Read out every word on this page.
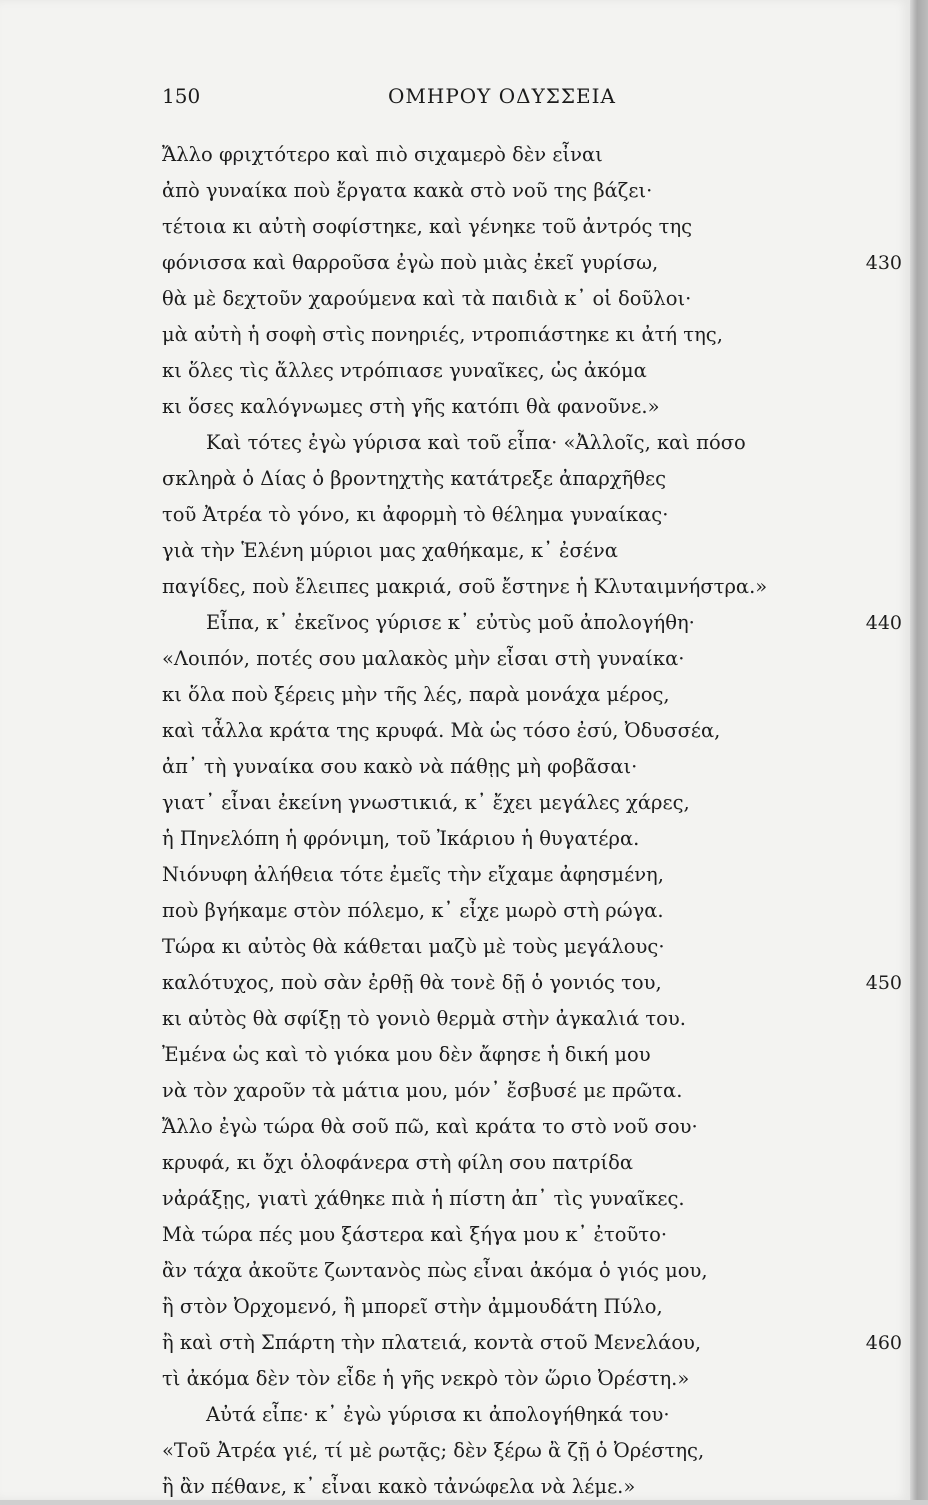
150	ΟΜΗΡΟΥ ΟΔΥΣΣΕΙΑ
Ἄλλο φριχτότερο καὶ πιὸ σιχαμερὸ δὲν εἶναι
ἀπὸ γυναίκα ποὺ ἔργατα κακὰ στὸ νοῦ της βάζει·
τέτοια κι αὐτὴ σοφίστηκε, καὶ γένηκε τοῦ ἀντρός της
φόνισσα καὶ θαρροῦσα ἐγὼ ποὺ μιὰς ἐκεῖ γυρίσω,
θὰ μὲ δεχτοῦν χαρούμενα καὶ τὰ παιδιὰ κ᾿ οἱ δοῦλοι·
μὰ αὐτὴ ἡ σοφὴ στὶς πονηριές, ντροπιάστηκε κι ἀτή της,
κι ὅλες τὶς ἄλλες ντρόπιασε γυναῖκες, ὡς ἀκόμα
κι ὅσες καλόγνωμες στὴ γῆς κατόπι θὰ φανοῦνε.»
Καὶ τότες ἐγὼ γύρισα καὶ τοῦ εἶπα· «Ἀλλοῖς, καὶ πόσο
σκληρὰ ὁ Δίας ὁ βροντηχτὴς κατάτρεξε ἀπαρχῆθες
τοῦ Ἀτρέα τὸ γόνο, κι ἀφορμὴ τὸ θέλημα γυναίκας·
γιὰ τὴν Ἑλένη μύριοι μας χαθήκαμε, κ᾿ ἐσένα
παγίδες, ποὺ ἔλειπες μακριά, σοῦ ἔστηνε ἡ Κλυταιμνήστρα.»
Εἶπα, κ᾿ ἐκεῖνος γύρισε κ᾿ εὐτὺς μοῦ ἀπολογήθη·
«Λοιπόν, ποτές σου μαλακὸς μὴν εἶσαι στὴ γυναίκα·
κι ὅλα ποὺ ξέρεις μὴν τῆς λές, παρὰ μονάχα μέρος,
καὶ τἆλλα κράτα της κρυφά. Μὰ ὡς τόσο ἐσύ, Ὀδυσσέα,
ἀπ᾿ τὴ γυναίκα σου κακὸ νὰ πάθῃς μὴ φοβᾶσαι·
γιατ᾿ εἶναι ἐκείνη γνωστικιά, κ᾿ ἔχει μεγάλες χάρες,
ἡ Πηνελόπη ἡ φρόνιμη, τοῦ Ἰκάριου ἡ θυγατέρα.
Νιόνυφη ἀλήθεια τότε ἐμεῖς τὴν εἴχαμε ἀφησμένη,
ποὺ βγήκαμε στὸν πόλεμο, κ᾿ εἶχε μωρὸ στὴ ρώγα.
Τώρα κι αὐτὸς θὰ κάθεται μαζὺ μὲ τοὺς μεγάλους·
καλότυχος, ποὺ σὰν ἐρθῇ θὰ τονὲ δῇ ὁ γονιός του,
κι αὐτὸς θὰ σφίξῃ τὸ γονιὸ θερμὰ στὴν ἀγκαλιά του.
Ἐμένα ὡς καὶ τὸ γιόκα μου δὲν ἄφησε ἡ δική μου
νὰ τὸν χαροῦν τὰ μάτια μου, μόν᾿ ἔσβυσέ με πρῶτα.
Ἄλλο ἐγὼ τώρα θὰ σοῦ πῶ, καὶ κράτα το στὸ νοῦ σου·
κρυφά, κι ὄχι ὁλοφάνερα στὴ φίλη σου πατρίδα
νἀράξῃς, γιατὶ χάθηκε πιὰ ἡ πίστη ἀπ᾿ τὶς γυναῖκες.
Μὰ τώρα πές μου ξάστερα καὶ ξήγα μου κ᾿ ἐτοῦτο·
ἂν τάχα ἀκοῦτε ζωντανὸς πὼς εἶναι ἀκόμα ὁ γιός μου,
ἢ στὸν Ὀρχομενό, ἢ μπορεῖ στὴν ἀμμουδάτη Πύλο,
ἢ καὶ στὴ Σπάρτη τὴν πλατειά, κοντὰ στοῦ Μενελάου,
τὶ ἀκόμα δὲν τὸν εἶδε ἡ γῆς νεκρὸ τὸν ὥριο Ὀρέστη.»
Αὐτά εἶπε· κ᾿ ἐγὼ γύρισα κι ἀπολογήθηκά του·
«Τοῦ Ἀτρέα γιέ, τί μὲ ρωτᾷς; δὲν ξέρω ἂ ζῇ ὁ Ὀρέστης,
ἢ ἂν πέθανε, κ᾿ εἶναι κακὸ τἀνώφελα νὰ λέμε.»
430
440
450
460
